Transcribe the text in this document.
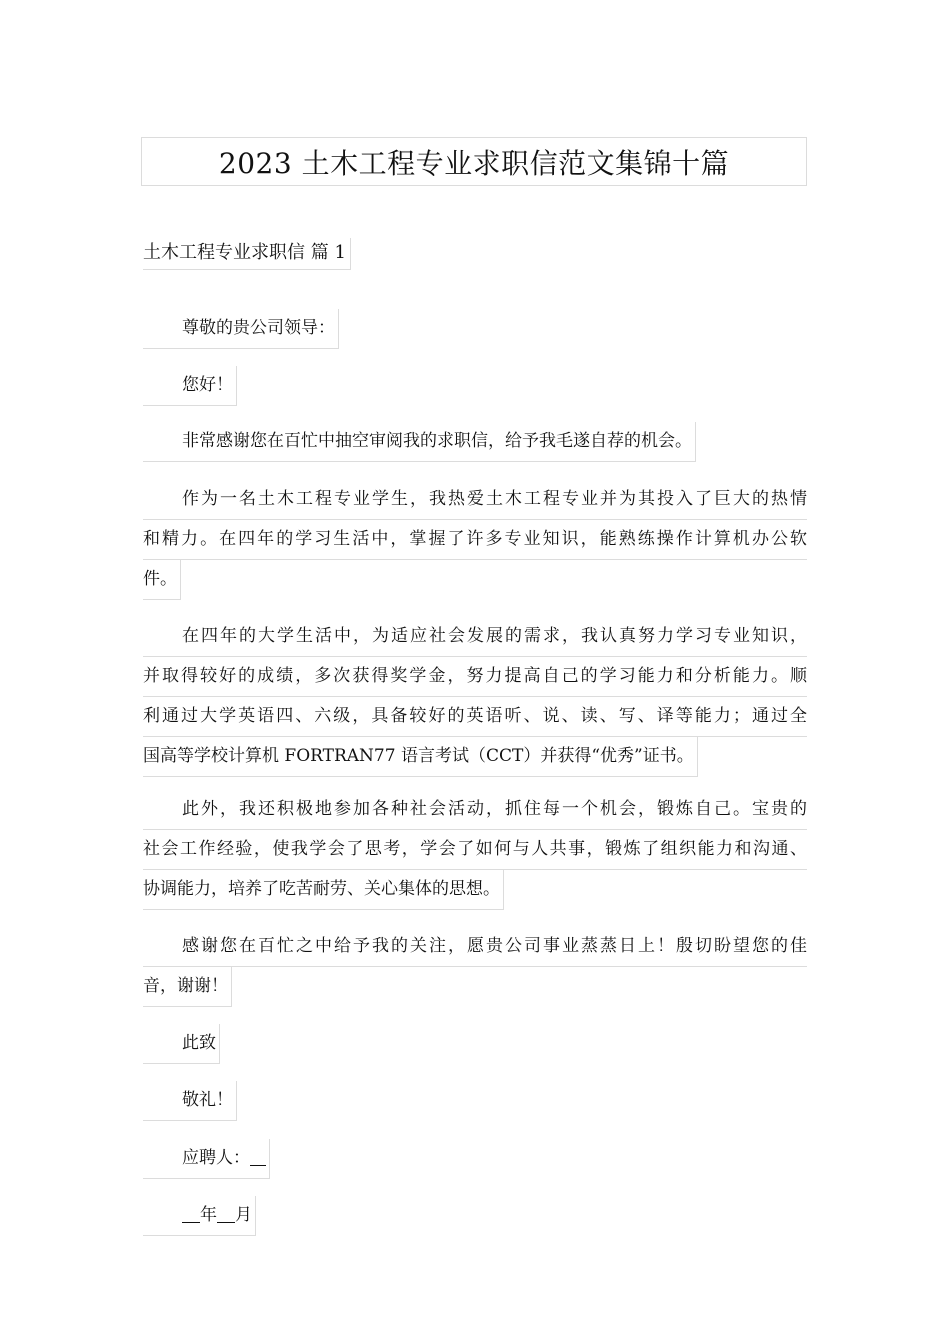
2023 土木工程专业求职信范文集锦十篇
土木工程专业求职信 篇 1
尊敬的贵公司领导：
您好！
非常感谢您在百忙中抽空审阅我的求职信，给予我毛遂自荐的机会。
作为一名土木工程专业学生，我热爱土木工程专业并为其投入了巨大的热情
和精力。在四年的学习生活中，掌握了许多专业知识，能熟练操作计算机办公软
件。
在四年的大学生活中，为适应社会发展的需求，我认真努力学习专业知识，
并取得较好的成绩，多次获得奖学金，努力提高自己的学习能力和分析能力。顺
利通过大学英语四、六级，具备较好的英语听、说、读、写、译等能力；通过全
国高等学校计算机 FORTRAN77 语言考试（CCT）并获得“优秀”证书。
此外，我还积极地参加各种社会活动，抓住每一个机会，锻炼自己。宝贵的
社会工作经验，使我学会了思考，学会了如何与人共事，锻炼了组织能力和沟通、
协调能力，培养了吃苦耐劳、关心集体的思想。
感谢您在百忙之中给予我的关注，愿贵公司事业蒸蒸日上！殷切盼望您的佳
音，谢谢！
此致
敬礼！
应聘人：
年 月
